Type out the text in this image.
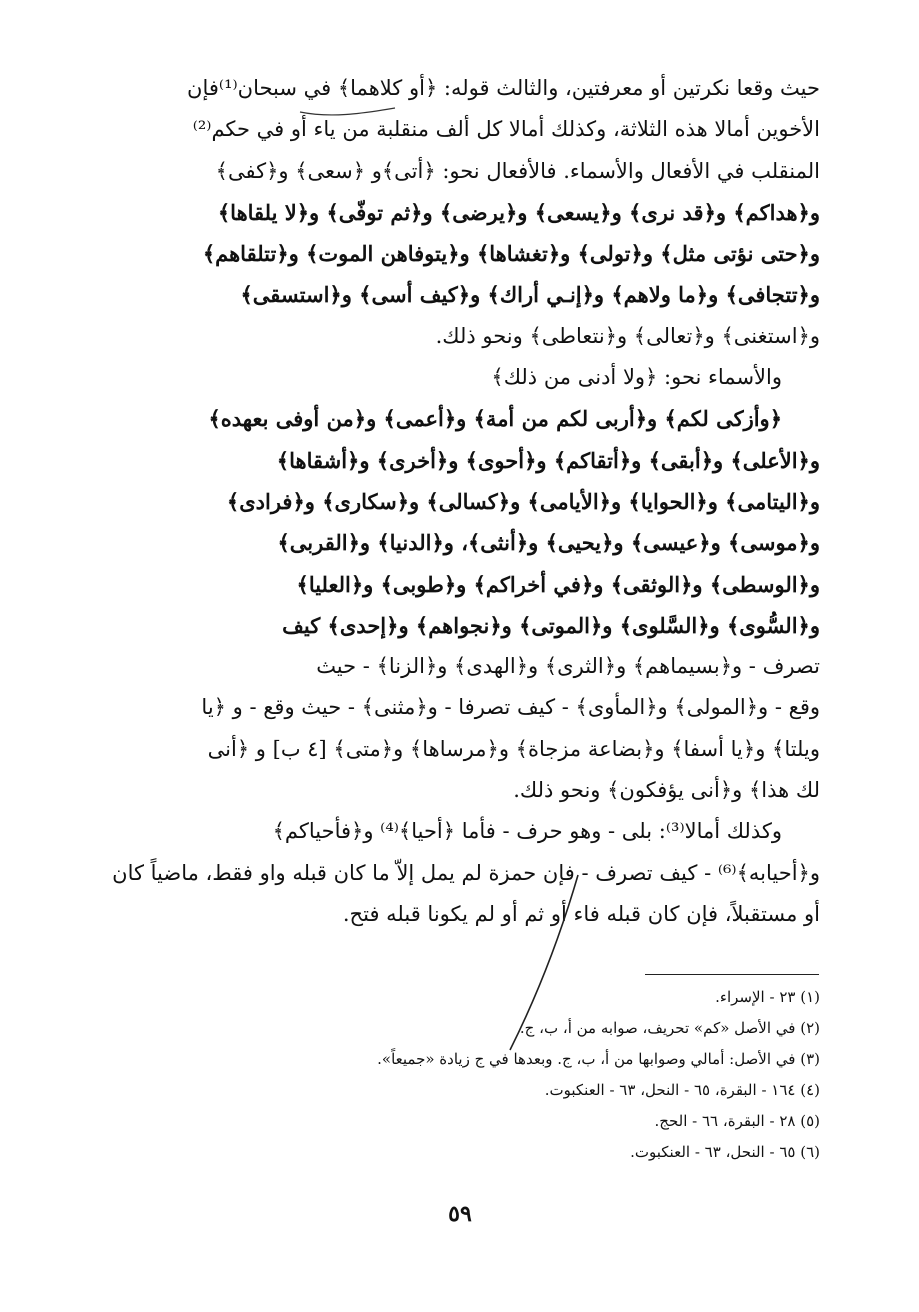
حيث وقعا نكرتين أو معرفتين، والثالث قوله: ﴿أو كلاهما﴾ في سبحان⁽¹⁾فإن

الأخوين أمالا هذه الثلاثة، وكذلك أمالا كل ألف منقلبة من ياء أو في حكم⁽²⁾

المنقلب في الأفعال والأسماء. فالأفعال نحو: ﴿أتى﴾و ﴿سعى﴾ و﴿كفى﴾

و﴿هداكم﴾ و﴿قد نرى﴾ و﴿يسعى﴾ و﴿يرضى﴾ و﴿ثم توفّى﴾ و﴿لا يلقاها﴾

و﴿حتى نؤتى مثل﴾ و﴿تولى﴾ و﴿تغشاها﴾ و﴿يتوفاهن الموت﴾ و﴿تتلقاهم﴾

و﴿تتجافى﴾ و﴿ما ولاهم﴾ و﴿إنـي أراك﴾ و﴿كيف أسى﴾ و﴿استسقى﴾

و﴿استغنى﴾ و﴿تعالى﴾ و﴿نتعاطى﴾ ونحو ذلك.

والأسماء نحو: ﴿ولا أدنى من ذلك﴾

﴿وأزكى لكم﴾ و﴿أربى لكم من أمة﴾ و﴿أعمى﴾ و﴿من أوفى بعهده﴾

و﴿الأعلى﴾ و﴿أبقى﴾ و﴿أتقاكم﴾ و﴿أحوى﴾ و﴿أخرى﴾ و﴿أشقاها﴾

و﴿اليتامى﴾ و﴿الحوايا﴾ و﴿الأيامى﴾ و﴿كسالى﴾ و﴿سكارى﴾ و﴿فرادى﴾

و﴿موسى﴾ و﴿عيسى﴾ و﴿يحيى﴾ و﴿أنثى﴾، و﴿الدنيا﴾ و﴿القربى﴾

و﴿الوسطى﴾ و﴿الوثقى﴾ و﴿في أخراكم﴾ و﴿طوبى﴾ و﴿العليا﴾

و﴿السُّوى﴾ و﴿السَّلوى﴾ و﴿الموتى﴾ و﴿نجواهم﴾ و﴿إحدى﴾ كيف

تصرف - و﴿بسيماهم﴾ و﴿الثرى﴾ و﴿الهدى﴾ و﴿الزنا﴾ - حيث

وقع - و﴿المولى﴾ و﴿المأوى﴾ - كيف تصرفا - و﴿مثنى﴾ - حيث وقع - و ﴿يا

ويلتا﴾ و﴿يا أسفا﴾ و﴿بضاعة مزجاة﴾ و﴿مرساها﴾ و﴿متى﴾ [٤ ب] و ﴿أنى

لك هذا﴾ و﴿أنى يؤفكون﴾ ونحو ذلك.

وكذلك أمالا⁽³⁾: بلى - وهو حرف - فأما ﴿أحيا﴾⁽⁴⁾ و﴿فأحياكم﴾

و﴿أحيابه﴾⁽⁶⁾ - كيف تصرف - فإن حمزة لم يمل إلاّ ما كان قبله واو فقط، ماضياً كان

أو مستقبلاً، فإن كان قبله فاء أو ثم أو لم يكونا قبله فتح.

(١) ٢٣ - الإسراء.
(٢) في الأصل «كم» تحريف، صوابه من أ، ب، ج.
(٣) في الأصل: أمالي وصوابها من أ، ب، ج. وبعدها في ج زيادة «جميعاً».
(٤) ١٦٤ - البقرة، ٦٥ - النحل، ٦٣ - العنكبوت.
(٥) ٢٨ - البقرة، ٦٦ - الحج.
(٦) ٦٥ - النحل، ٦٣ - العنكبوت.
٥٩
